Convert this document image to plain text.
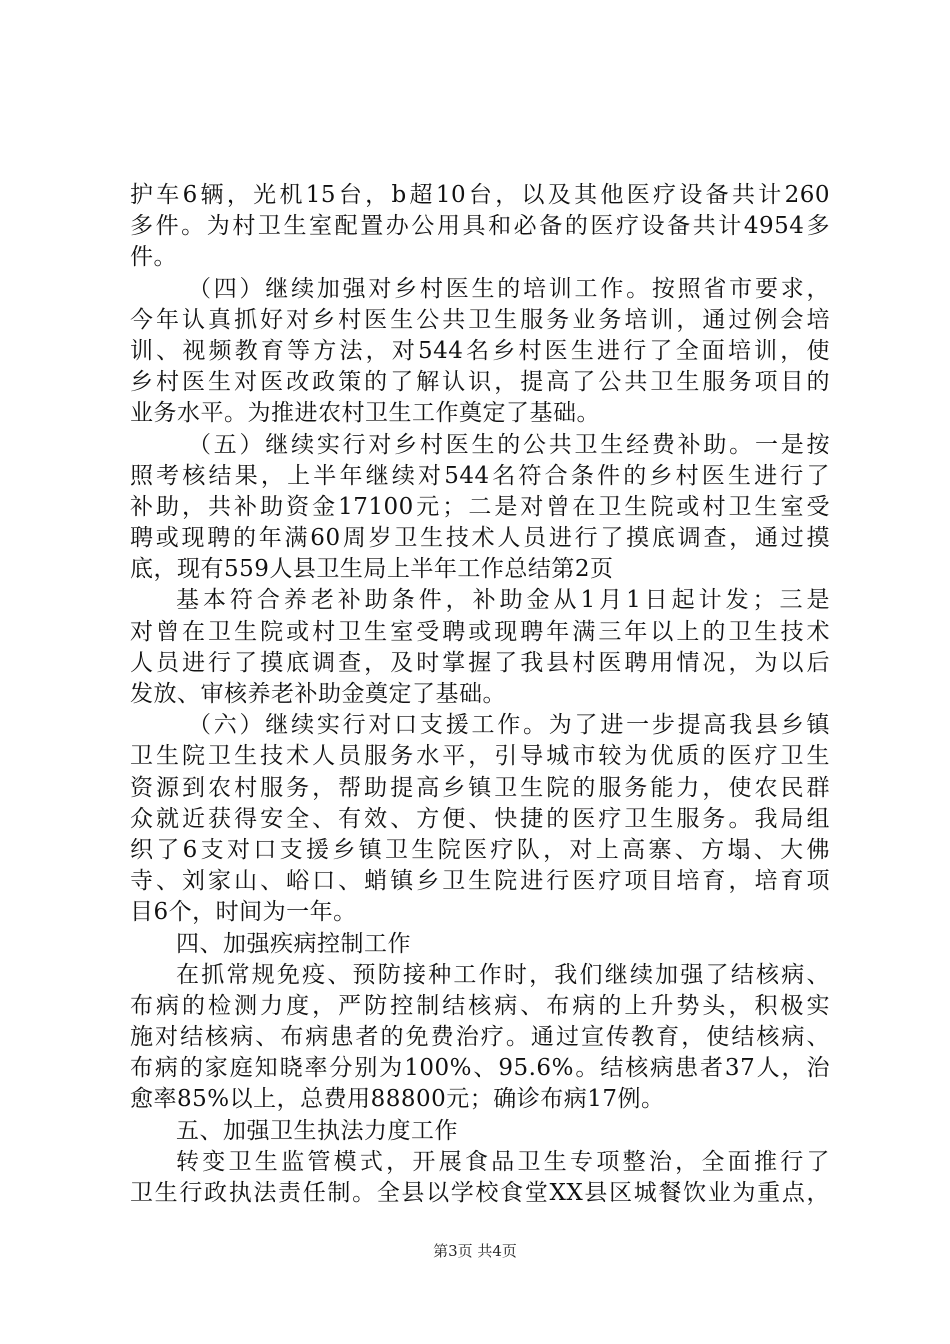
护车6辆，光机15台，b超10台，以及其他医疗设备共计260
多件。为村卫生室配置办公用具和必备的医疗设备共计4954多
件。
（四）继续加强对乡村医生的培训工作。按照省市要求，
今年认真抓好对乡村医生公共卫生服务业务培训，通过例会培
训、视频教育等方法，对544名乡村医生进行了全面培训，使
乡村医生对医改政策的了解认识，提高了公共卫生服务项目的
业务水平。为推进农村卫生工作奠定了基础。
（五）继续实行对乡村医生的公共卫生经费补助。一是按
照考核结果，上半年继续对544名符合条件的乡村医生进行了
补助，共补助资金17100元；二是对曾在卫生院或村卫生室受
聘或现聘的年满60周岁卫生技术人员进行了摸底调查，通过摸
底，现有559人县卫生局上半年工作总结第2页
基本符合养老补助条件，补助金从1月1日起计发；三是
对曾在卫生院或村卫生室受聘或现聘年满三年以上的卫生技术
人员进行了摸底调查，及时掌握了我县村医聘用情况，为以后
发放、审核养老补助金奠定了基础。
（六）继续实行对口支援工作。为了进一步提高我县乡镇
卫生院卫生技术人员服务水平，引导城市较为优质的医疗卫生
资源到农村服务，帮助提高乡镇卫生院的服务能力，使农民群
众就近获得安全、有效、方便、快捷的医疗卫生服务。我局组
织了6支对口支援乡镇卫生院医疗队，对上高寨、方塌、大佛
寺、刘家山、峪口、蛸镇乡卫生院进行医疗项目培育，培育项
目6个，时间为一年。
四、加强疾病控制工作
在抓常规免疫、预防接种工作时，我们继续加强了结核病、
布病的检测力度，严防控制结核病、布病的上升势头，积极实
施对结核病、布病患者的免费治疗。通过宣传教育，使结核病、
布病的家庭知晓率分别为100%、95.6%。结核病患者37人，治
愈率85%以上，总费用88800元；确诊布病17例。
五、加强卫生执法力度工作
转变卫生监管模式，开展食品卫生专项整治，全面推行了
卫生行政执法责任制。全县以学校食堂XX县区城餐饮业为重点，
第3页 共4页
